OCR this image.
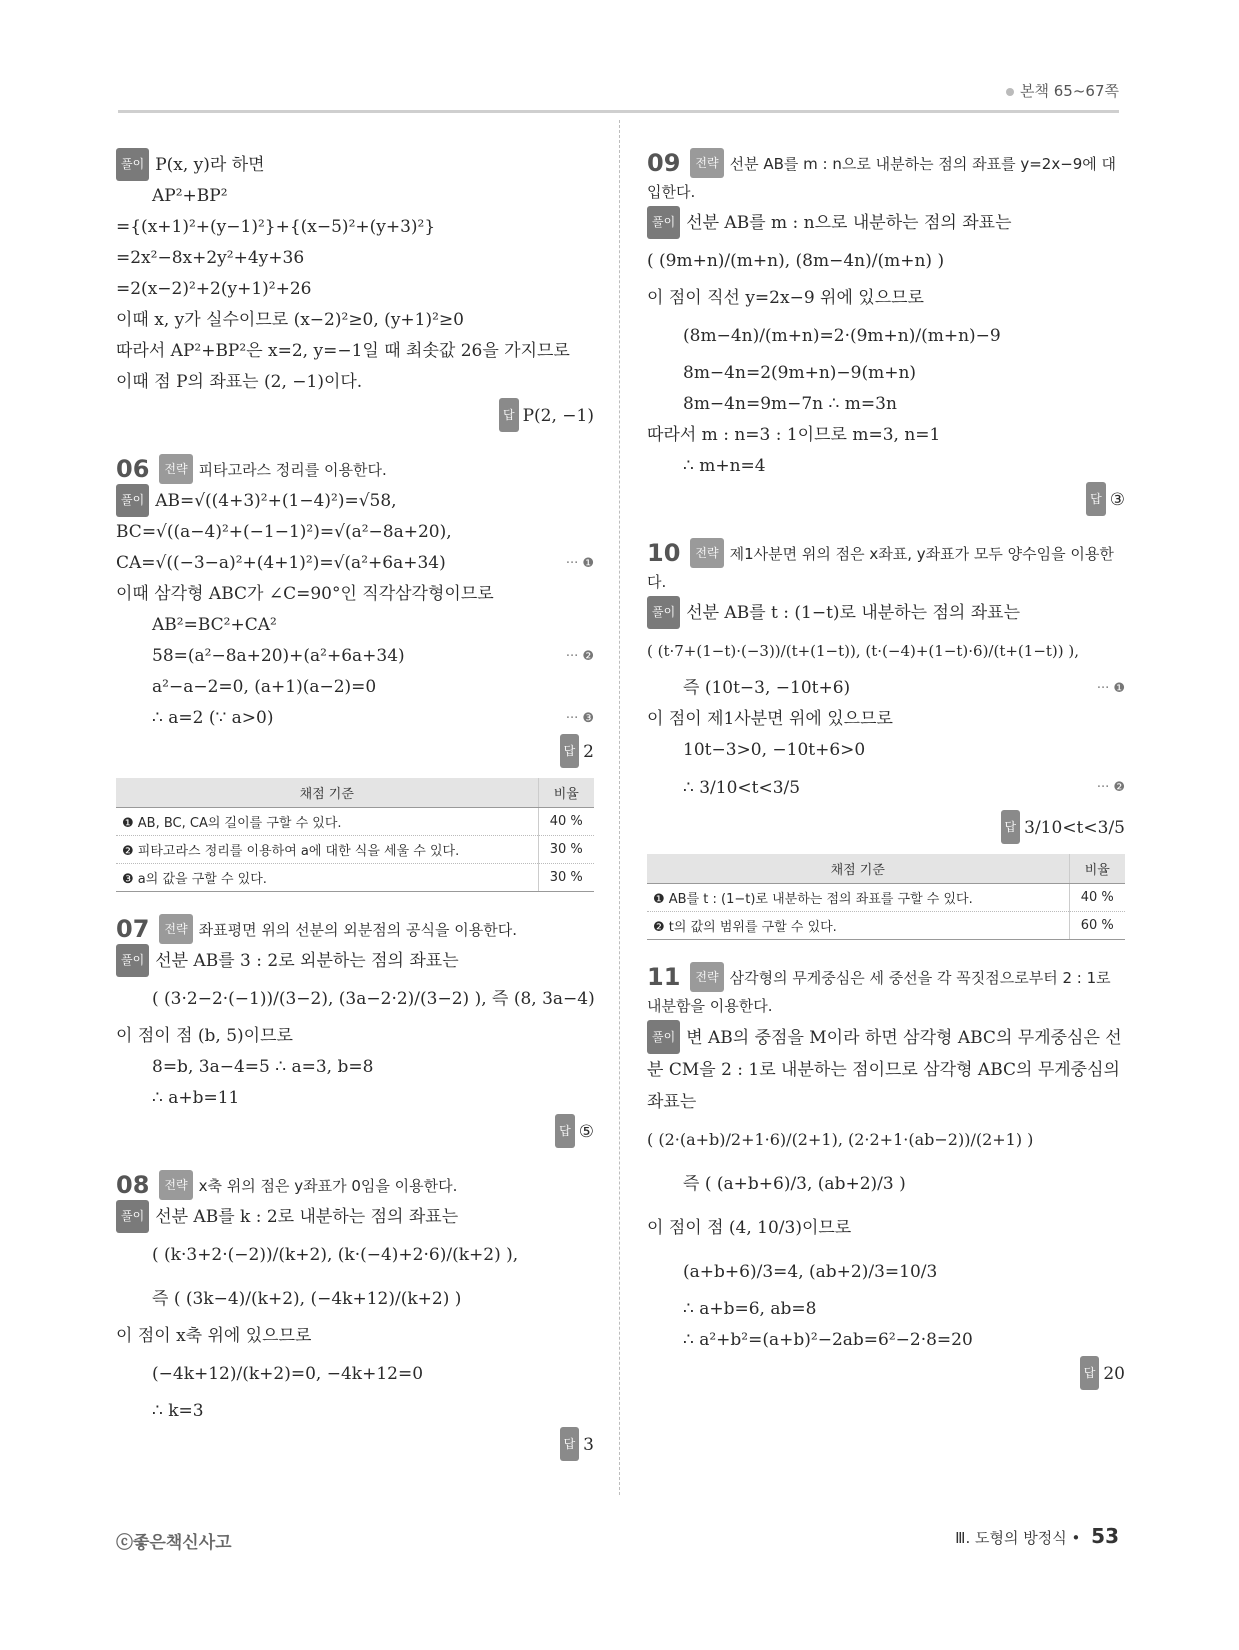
본책 65~67쪽
풀이 P(x, y)라 하면
AP²+BP²
={(x+1)²+(y−1)²}+{(x−5)²+(y+3)²}
=2x²−8x+2y²+4y+36
=2(x−2)²+2(y+1)²+26
이때 x, y가 실수이므로 (x−2)²≥0, (y+1)²≥0
따라서 AP²+BP²은 x=2, y=−1일 때 최솟값 26을 가지므로
이때 점 P의 좌표는 (2, −1)이다.
답 P(2, −1)
06 전략 피타고라스 정리를 이용한다.
풀이 AB=√((4+3)²+(1−4)²)=√58,
BC=√((a−4)²+(−1−1)²)=√(a²−8a+20),
CA=√((−3−a)²+(4+1)²)=√(a²+6a+34)	··· ❶
이때 삼각형 ABC가 ∠C=90°인 직각삼각형이므로
AB²=BC²+CA²
58=(a²−8a+20)+(a²+6a+34)	··· ❷
a²−a−2=0, (a+1)(a−2)=0
∴ a=2 (∵ a>0)	··· ❸
답 2
채점 기준	비율
❶ AB, BC, CA의 길이를 구할 수 있다.	40 %
❷ 피타고라스 정리를 이용하여 a에 대한 식을 세울 수 있다.	30 %
❸ a의 값을 구할 수 있다.	30 %
07 전략 좌표평면 위의 선분의 외분점의 공식을 이용한다.
풀이 선분 AB를 3 : 2로 외분하는 점의 좌표는
( (3·2−2·(−1))/(3−2), (3a−2·2)/(3−2) ), 즉 (8, 3a−4)
이 점이 점 (b, 5)이므로
8=b, 3a−4=5 ∴ a=3, b=8
∴ a+b=11
답 ⑤
08 전략 x축 위의 점은 y좌표가 0임을 이용한다.
풀이 선분 AB를 k : 2로 내분하는 점의 좌표는
( (k·3+2·(−2))/(k+2), (k·(−4)+2·6)/(k+2) ),
즉 ( (3k−4)/(k+2), (−4k+12)/(k+2) )
이 점이 x축 위에 있으므로
(−4k+12)/(k+2)=0, −4k+12=0
∴ k=3
답 3
09 전략 선분 AB를 m : n으로 내분하는 점의 좌표를 y=2x−9에 대입한다.
풀이 선분 AB를 m : n으로 내분하는 점의 좌표는
( (9m+n)/(m+n), (8m−4n)/(m+n) )
이 점이 직선 y=2x−9 위에 있으므로
(8m−4n)/(m+n)=2·(9m+n)/(m+n)−9
8m−4n=2(9m+n)−9(m+n)
8m−4n=9m−7n ∴ m=3n
따라서 m : n=3 : 1이므로 m=3, n=1
∴ m+n=4
답 ③
10 전략 제1사분면 위의 점은 x좌표, y좌표가 모두 양수임을 이용한다.
풀이 선분 AB를 t : (1−t)로 내분하는 점의 좌표는
( (t·7+(1−t)·(−3))/(t+(1−t)), (t·(−4)+(1−t)·6)/(t+(1−t)) ),
즉 (10t−3, −10t+6)	··· ❶
이 점이 제1사분면 위에 있으므로
10t−3>0, −10t+6>0
∴ 3/10<t<3/5	··· ❷
답 3/10<t<3/5
채점 기준	비율
❶ AB를 t : (1−t)로 내분하는 점의 좌표를 구할 수 있다.	40 %
❷ t의 값의 범위를 구할 수 있다.	60 %
11 전략 삼각형의 무게중심은 세 중선을 각 꼭짓점으로부터 2 : 1로 내분함을 이용한다.
풀이 변 AB의 중점을 M이라 하면 삼각형 ABC의 무게중심은 선분 CM을 2 : 1로 내분하는 점이므로 삼각형 ABC의 무게중심의 좌표는
( (2·(a+b)/2+1·6)/(2+1), (2·2+1·(ab−2))/(2+1) )
즉 ( (a+b+6)/3, (ab+2)/3 )
이 점이 점 (4, 10/3)이므로
(a+b+6)/3=4, (ab+2)/3=10/3
∴ a+b=6, ab=8
∴ a²+b²=(a+b)²−2ab=6²−2·8=20
답 20
ⓒ좋은책신사고	Ⅲ. 도형의 방정식 • 53
